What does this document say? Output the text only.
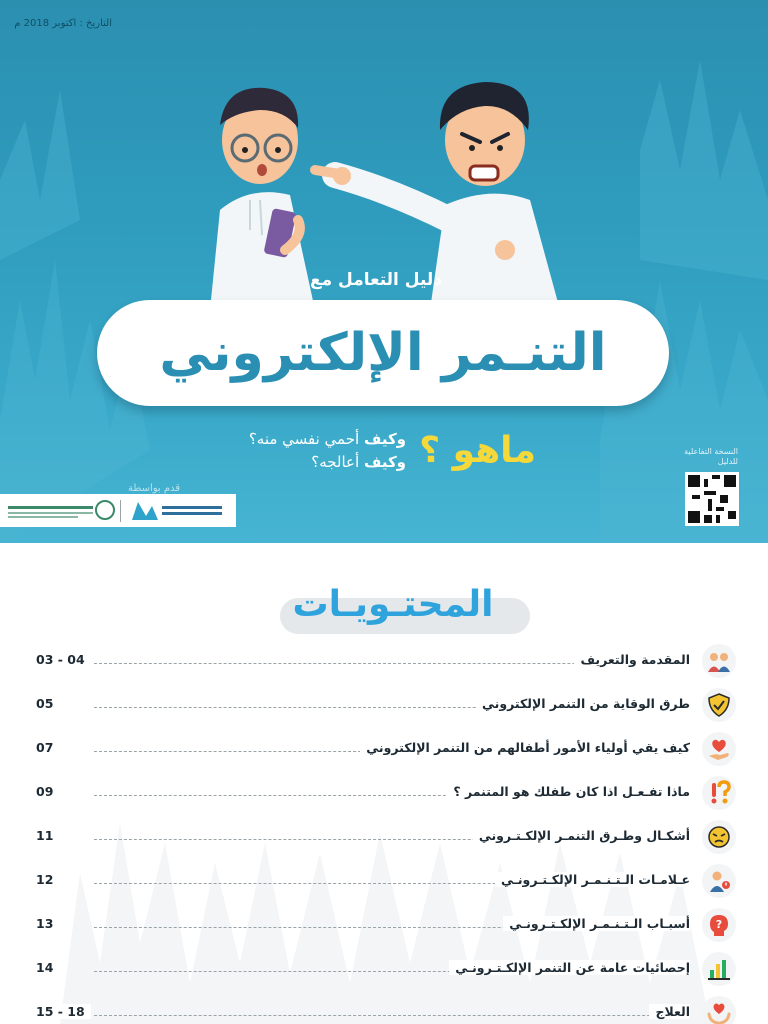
التاريخ : اكتوبر 2018 م
دليل التعامل مع
التنـمر الإلكتروني
ماهو ؟
وكيف أحمي نفسي منه؟
وكيف أعالجه؟
قدم بواسطة
النسخة التفاعلية للدليل
المحتـويـات
المقدمة والتعريف
03 - 04
طرق الوقاية من التنمر الإلكتروني
05
كيف يقي أولياء الأمور أطفالهم من التنمر الإلكتروني
07
ماذا تفـعـل اذا كان طفلك هو المتنمر ؟
09
أشكـال وطـرق التنمـر الإلكـتـروني
11
عـلامـات الـتـنـمـر الإلكـتـرونـي
12
?
أسبـاب الـتـنـمـر الإلكـتـرونـي
13
إحصائيات عامة عن التنمر الإلكـتـرونـي
14
العلاج
15 - 18
